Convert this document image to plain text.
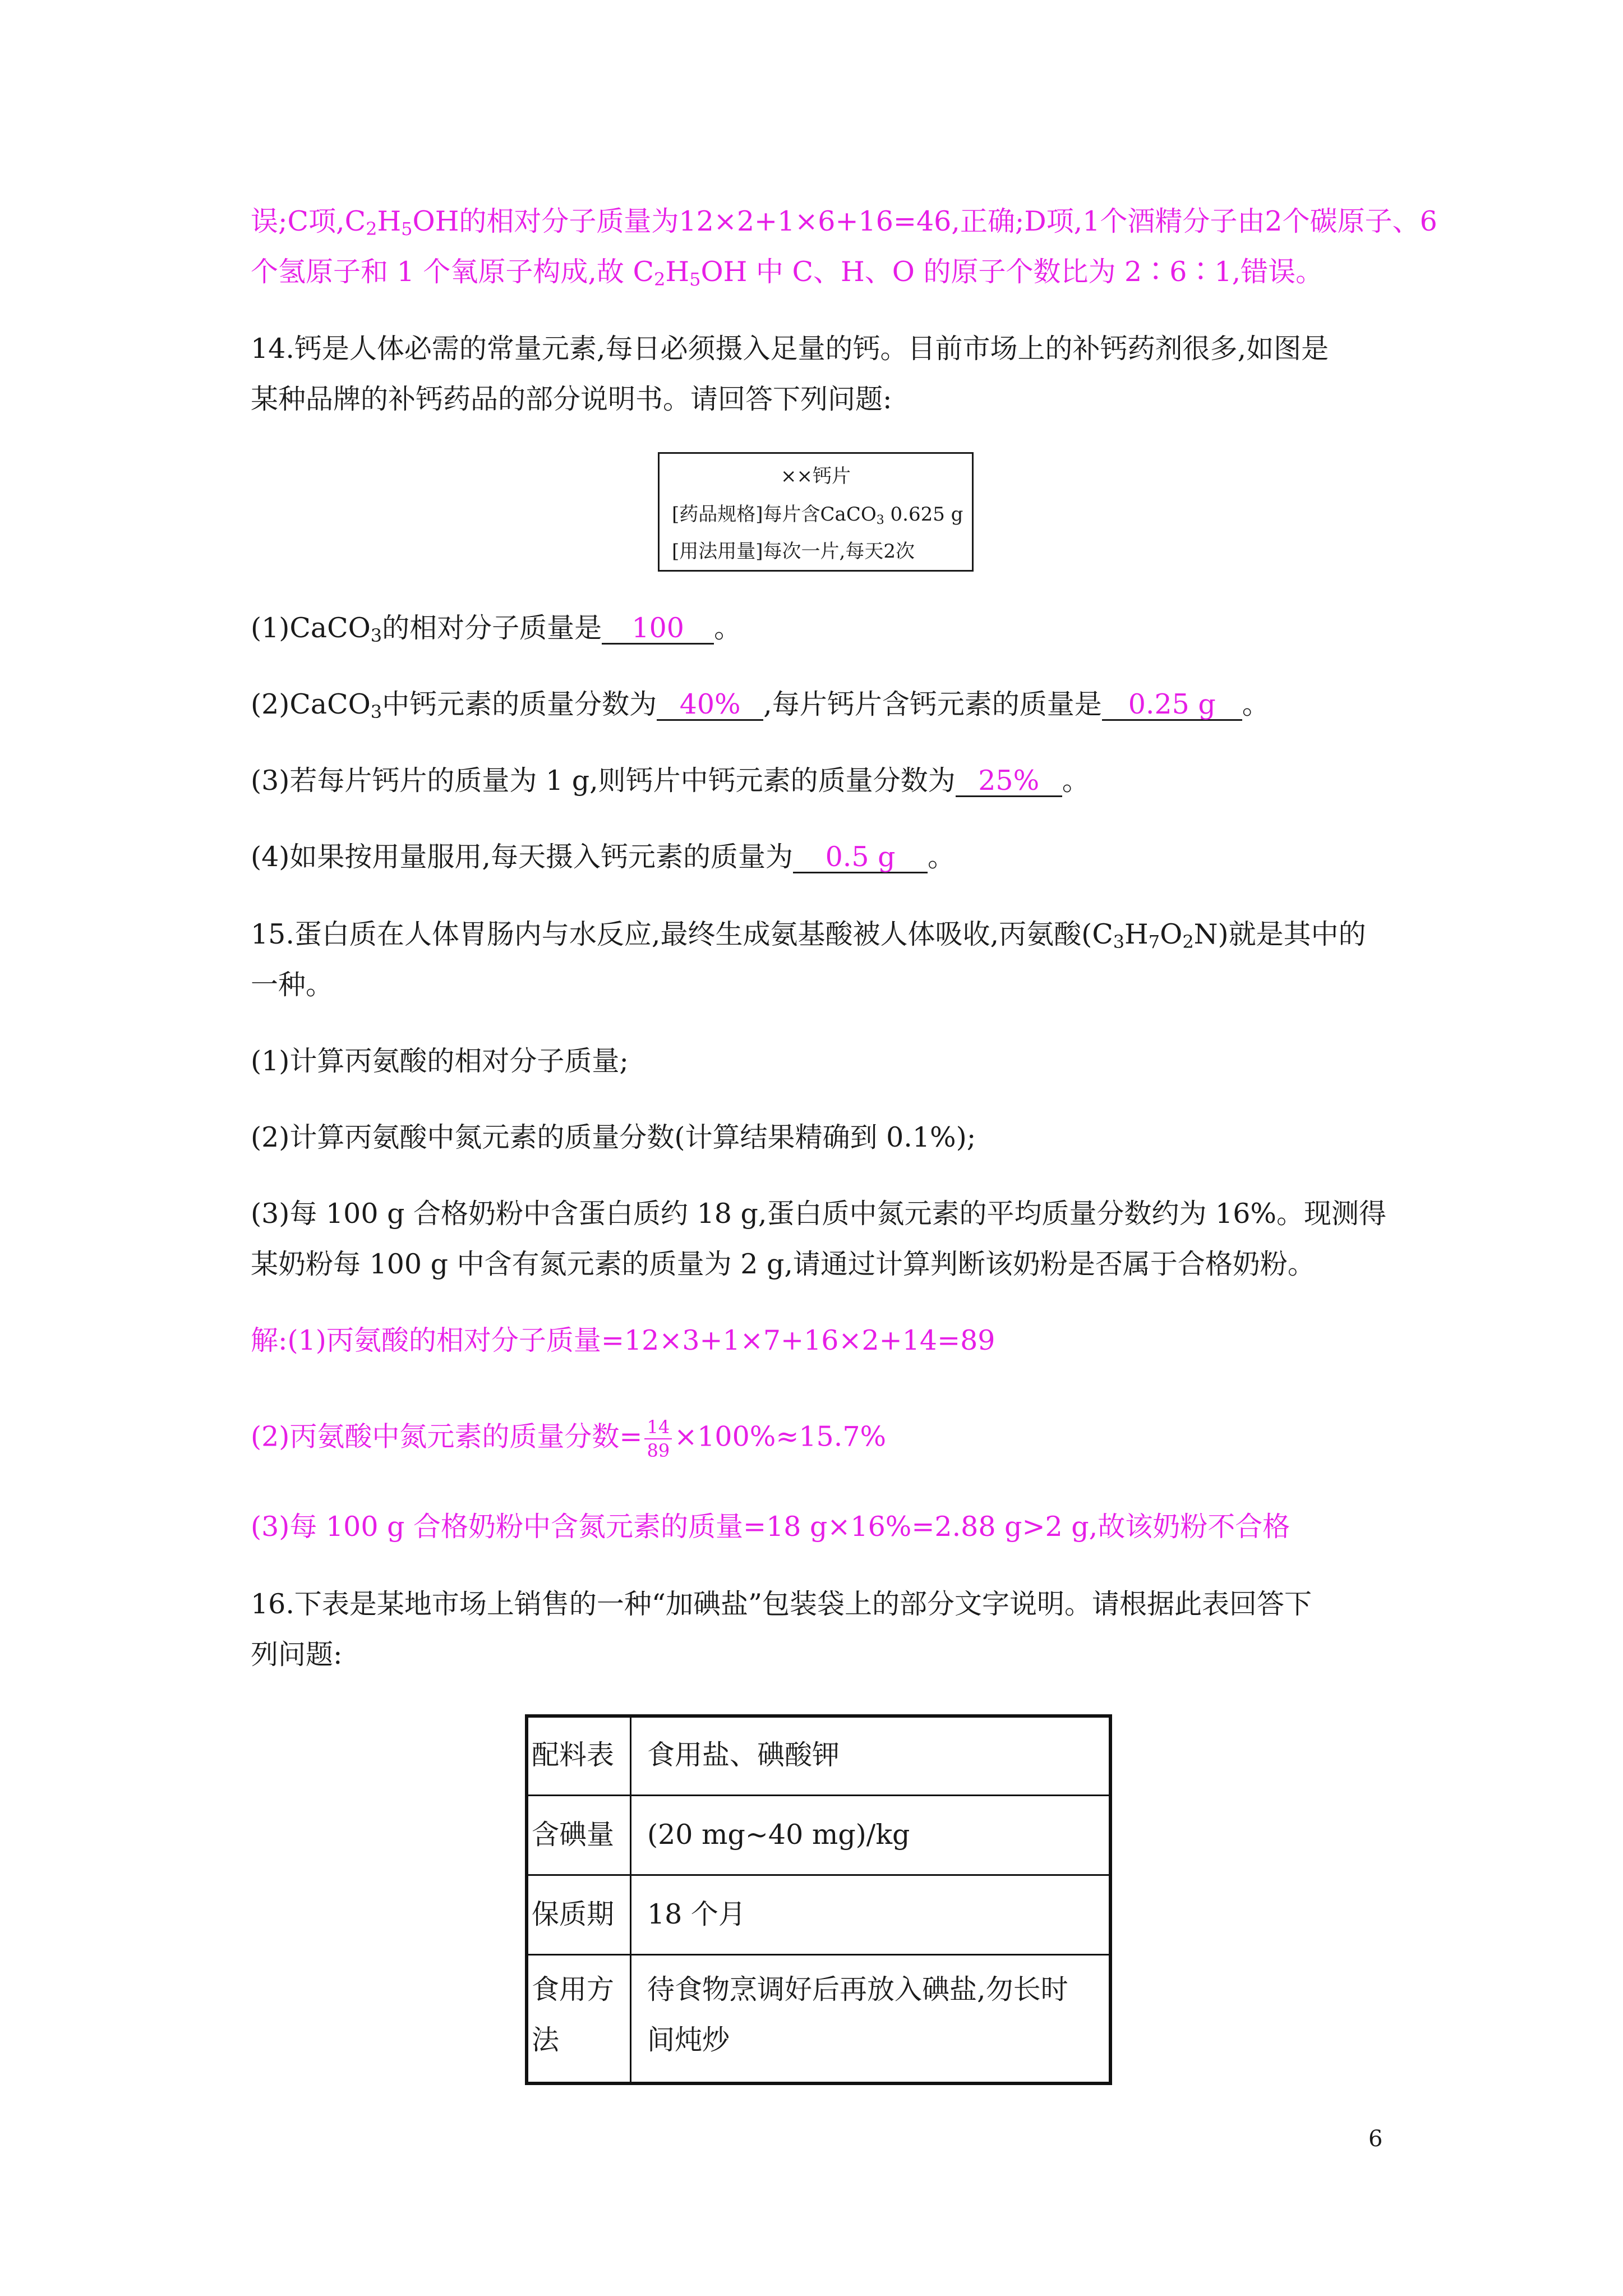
误;C项$,C_2H_5OH$的相对分子质量为12×2+1×6+16=46,正确;D项,1个酒精分子由2个碳原子、6
个氢原子和 1 个氧原子构成,故 $C_2H_5OH$ 中 C、H、O 的原子个数比为 2∶6∶1,错误。
14.钙是人体必需的常量元素,每日必须摄入足量的钙。目前市场上的补钙药剂很多,如图是
某种品牌的补钙药品的部分说明书。请回答下列问题:
××钙片
[药品规格]每片含CaCO$_3$ 0.625 g
[用法用量]每次一片,每天2次
(1)CaCO$_3$的相对分子质量是 100 。
(2)CaCO$_3$中钙元素的质量分数为 40% ,每片钙片含钙元素的质量是 0.25 g 。
(3)若每片钙片的质量为 1 g,则钙片中钙元素的质量分数为 25% 。
(4)如果按用量服用,每天摄入钙元素的质量为 0.5 g 。
15.蛋白质在人体胃肠内与水反应,最终生成氨基酸被人体吸收,丙氨酸$(C_3H_7O_2N)$就是其中的
一种。
(1)计算丙氨酸的相对分子质量;
(2)计算丙氨酸中氮元素的质量分数(计算结果精确到 0.1%);
(3)每 100 g 合格奶粉中含蛋白质约 18 g,蛋白质中氮元素的平均质量分数约为 16%。现测得
某奶粉每 100 g 中含有氮元素的质量为 2 g,请通过计算判断该奶粉是否属于合格奶粉。
解:(1)丙氨酸的相对分子质量=12×3+1×7+16×2+14=89
(2)丙氨酸中氮元素的质量分数= $\frac{14}{89} \times 100\%\approx 15.7\%$
(3)每 100 g 合格奶粉中含氮元素的质量=18 g×16%=2.88 g>2 g,故该奶粉不合格
16.下表是某地市场上销售的一种“加碘盐”包装袋上的部分文字说明。请根据此表回答下
列问题:
配料表 食用盐、碘酸钾
含碘量 (20 mg~40 mg)/kg
保质期 18 个月
食用方
法
待食物烹调好后再放入碘盐,勿长时
间炖炒
6
